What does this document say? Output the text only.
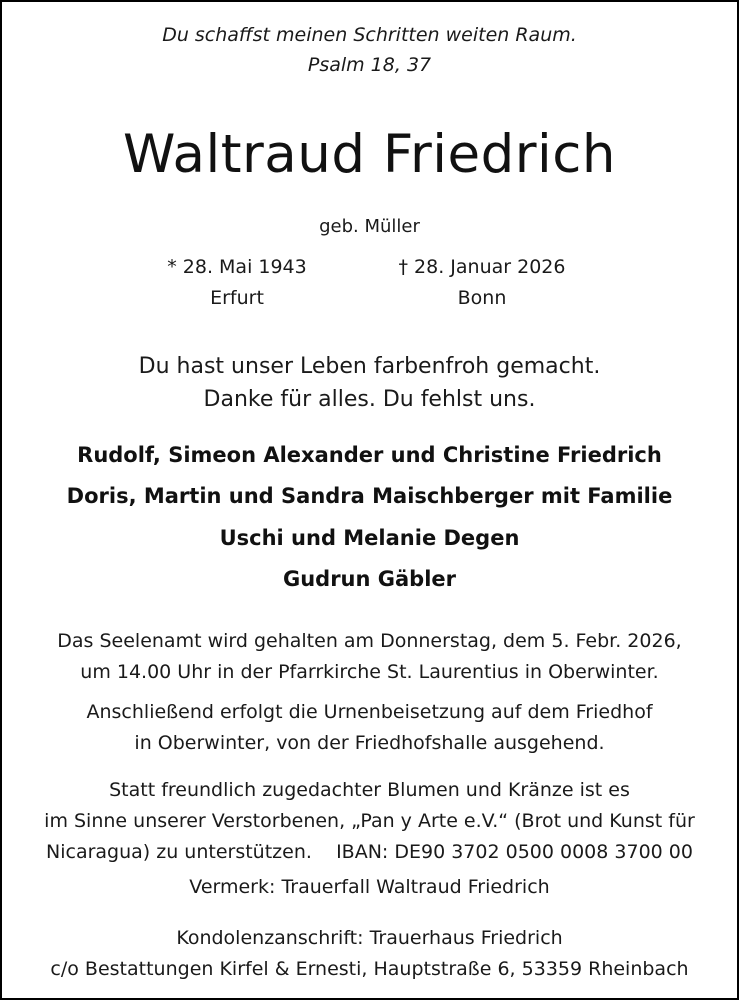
Du schaffst meinen Schritten weiten Raum.
Psalm 18, 37
Waltraud Friedrich
geb. Müller
* 28. Mai 1943
Erfurt
† 28. Januar 2026
Bonn
Du hast unser Leben farbenfroh gemacht.
Danke für alles. Du fehlst uns.
Rudolf, Simeon Alexander und Christine Friedrich
Doris, Martin und Sandra Maischberger mit Familie
Uschi und Melanie Degen
Gudrun Gäbler
Das Seelenamt wird gehalten am Donnerstag, dem 5. Febr. 2026,
um 14.00 Uhr in der Pfarrkirche St. Laurentius in Oberwinter.
Anschließend erfolgt die Urnenbeisetzung auf dem Friedhof
in Oberwinter, von der Friedhofshalle ausgehend.
Statt freundlich zugedachter Blumen und Kränze ist es
im Sinne unserer Verstorbenen, „Pan y Arte e.V.“ (Brot und Kunst für
Nicaragua) zu unterstützen.    IBAN: DE90 3702 0500 0008 3700 00
Vermerk: Trauerfall Waltraud Friedrich
Kondolenzanschrift: Trauerhaus Friedrich
c/o Bestattungen Kirfel & Ernesti, Hauptstraße 6, 53359 Rheinbach
